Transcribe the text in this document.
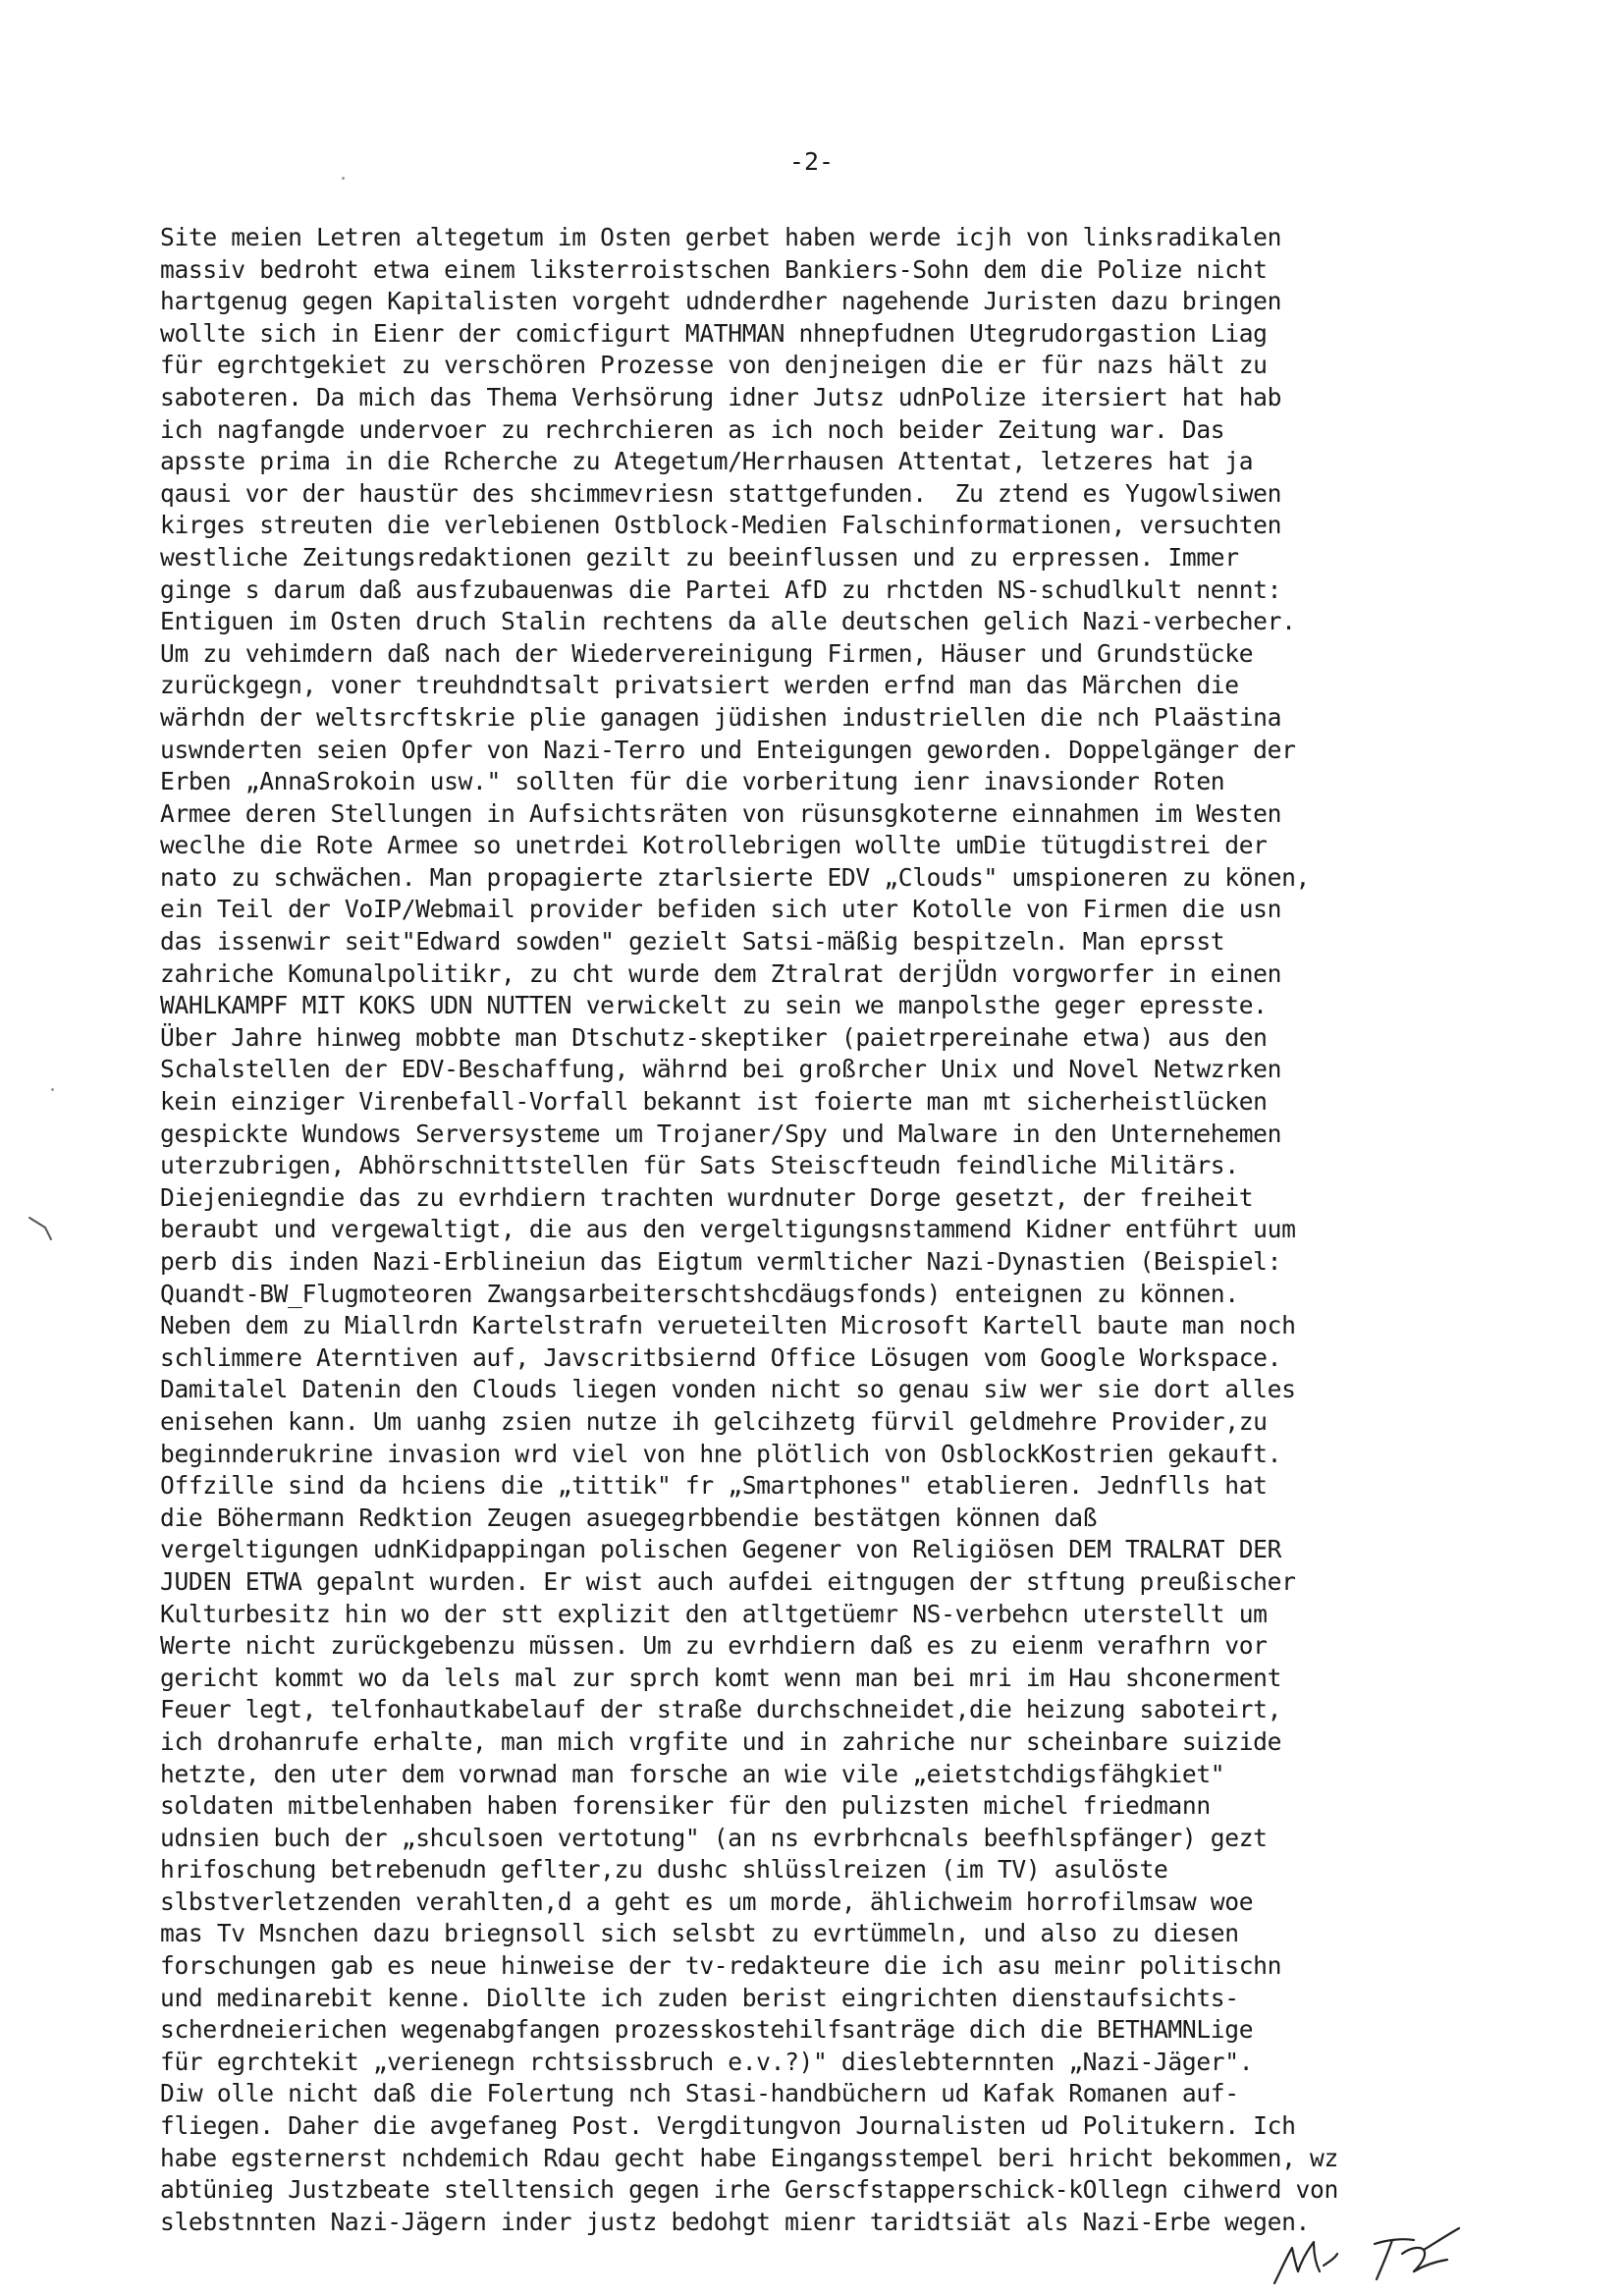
-2-
Site meien Letren altegetum im Osten gerbet haben werde icjh von linksradikalen
massiv bedroht etwa einem liksterroistschen Bankiers-Sohn dem die Polize nicht
hartgenug gegen Kapitalisten vorgeht udnderdher nagehende Juristen dazu bringen
wollte sich in Eienr der comicfigurt MATHMAN nhnepfudnen Utegrudorgastion Liag
für egrchtgekiet zu verschören Prozesse von denjneigen die er für nazs hält zu
saboteren. Da mich das Thema Verhsörung idner Jutsz udnPolize itersiert hat hab
ich nagfangde undervoer zu rechrchieren as ich noch beider Zeitung war. Das
apsste prima in die Rcherche zu Ategetum/Herrhausen Attentat, letzeres hat ja
qausi vor der haustür des shcimmevriesn stattgefunden.  Zu ztend es Yugowlsiwen
kirges streuten die verlebienen Ostblock-Medien Falschinformationen, versuchten
westliche Zeitungsredaktionen gezilt zu beeinflussen und zu erpressen. Immer
ginge s darum daß ausfzubauenwas die Partei AfD zu rhctden NS-schudlkult nennt:
Entiguen im Osten druch Stalin rechtens da alle deutschen gelich Nazi-verbecher.
Um zu vehimdern daß nach der Wiedervereinigung Firmen, Häuser und Grundstücke
zurückgegn, voner treuhdndtsalt privatsiert werden erfnd man das Märchen die
wärhdn der weltsrcftskrie plie ganagen jüdishen industriellen die nch Plaästina
uswnderten seien Opfer von Nazi-Terro und Enteigungen geworden. Doppelgänger der
Erben „AnnaSrokoin usw." sollten für die vorberitung ienr inavsionder Roten
Armee deren Stellungen in Aufsichtsräten von rüsunsgkoterne einnahmen im Westen
weclhe die Rote Armee so unetrdei Kotrollebrigen wollte umDie tütugdistrei der
nato zu schwächen. Man propagierte ztarlsierte EDV „Clouds" umspioneren zu könen,
ein Teil der VoIP/Webmail provider befiden sich uter Kotolle von Firmen die usn
das issenwir seit"Edward sowden" gezielt Satsi-mäßig bespitzeln. Man eprsst
zahriche Komunalpolitikr, zu cht wurde dem Ztralrat derjÜdn vorgworfer in einen
WAHLKAMPF MIT KOKS UDN NUTTEN verwickelt zu sein we manpolsthe geger epresste.
Über Jahre hinweg mobbte man Dtschutz-skeptiker (paietrpereinahe etwa) aus den
Schalstellen der EDV-Beschaffung, währnd bei großrcher Unix und Novel Netwzrken
kein einziger Virenbefall-Vorfall bekannt ist foierte man mt sicherheistlücken
gespickte Wundows Serversysteme um Trojaner/Spy und Malware in den Unternehemen
uterzubrigen, Abhörschnittstellen für Sats Steiscfteudn feindliche Militärs.
Diejeniegndie das zu evrhdiern trachten wurdnuter Dorge gesetzt, der freiheit
beraubt und vergewaltigt, die aus den vergeltigungsnstammend Kidner entführt uum
perb dis inden Nazi-Erblineiun das Eigtum vermlticher Nazi-Dynastien (Beispiel:
Quandt-BW_Flugmoteoren Zwangsarbeiterschtshcdäugsfonds) enteignen zu können.
Neben dem zu Miallrdn Kartelstrafn verueteilten Microsoft Kartell baute man noch
schlimmere Aterntiven auf, Javscritbsiernd Office Lösugen vom Google Workspace.
Damitalel Datenin den Clouds liegen vonden nicht so genau siw wer sie dort alles
enisehen kann. Um uanhg zsien nutze ih gelcihzetg fürvil geldmehre Provider,zu
beginnderukrine invasion wrd viel von hne plötlich von OsblockKostrien gekauft.
Offzille sind da hciens die „tittik" fr „Smartphones" etablieren. Jednflls hat
die Böhermann Redktion Zeugen asuegegrbbendie bestätgen können daß
vergeltigungen udnKidpappingan polischen Gegener von Religiösen DEM TRALRAT DER
JUDEN ETWA gepalnt wurden. Er wist auch aufdei eitngugen der stftung preußischer
Kulturbesitz hin wo der stt explizit den atltgetüemr NS-verbehcn uterstellt um
Werte nicht zurückgebenzu müssen. Um zu evrhdiern daß es zu eienm verafhrn vor
gericht kommt wo da lels mal zur sprch komt wenn man bei mri im Hau shconerment
Feuer legt, telfonhautkabelauf der straße durchschneidet,die heizung saboteirt,
ich drohanrufe erhalte, man mich vrgfite und in zahriche nur scheinbare suizide
hetzte, den uter dem vorwnad man forsche an wie vile „eietstchdigsfähgkiet"
soldaten mitbelenhaben haben forensiker für den pulizsten michel friedmann
udnsien buch der „shculsoen vertotung" (an ns evrbrhcnals beefhlspfänger) gezt
hrifoschung betrebenudn geflter,zu dushc shlüsslreizen (im TV) asulöste
slbstverletzenden verahlten,d a geht es um morde, ählichweim horrofilmsaw woe
mas Tv Msnchen dazu briegnsoll sich selsbt zu evrtümmeln, und also zu diesen
forschungen gab es neue hinweise der tv-redakteure die ich asu meinr politischn
und medinarebit kenne. Diollte ich zuden berist eingrichten dienstaufsichts-
scherdneierichen wegenabgfangen prozesskostehilfsanträge dich die BETHAMNLige
für egrchtekit „verienegn rchtsissbruch e.v.?)" dieslebternnten „Nazi-Jäger".
Diw olle nicht daß die Folertung nch Stasi-handbüchern ud Kafak Romanen auf-
fliegen. Daher die avgefaneg Post. Vergditungvon Journalisten ud Politukern. Ich
habe egsternerst nchdemich Rdau gecht habe Eingangsstempel beri hricht bekommen, wz
abtünieg Justzbeate stelltensich gegen irhe Gerscfstapperschick-kOllegn cihwerd von
slebstnnten Nazi-Jägern inder justz bedohgt mienr taridtsiät als Nazi-Erbe wegen.
